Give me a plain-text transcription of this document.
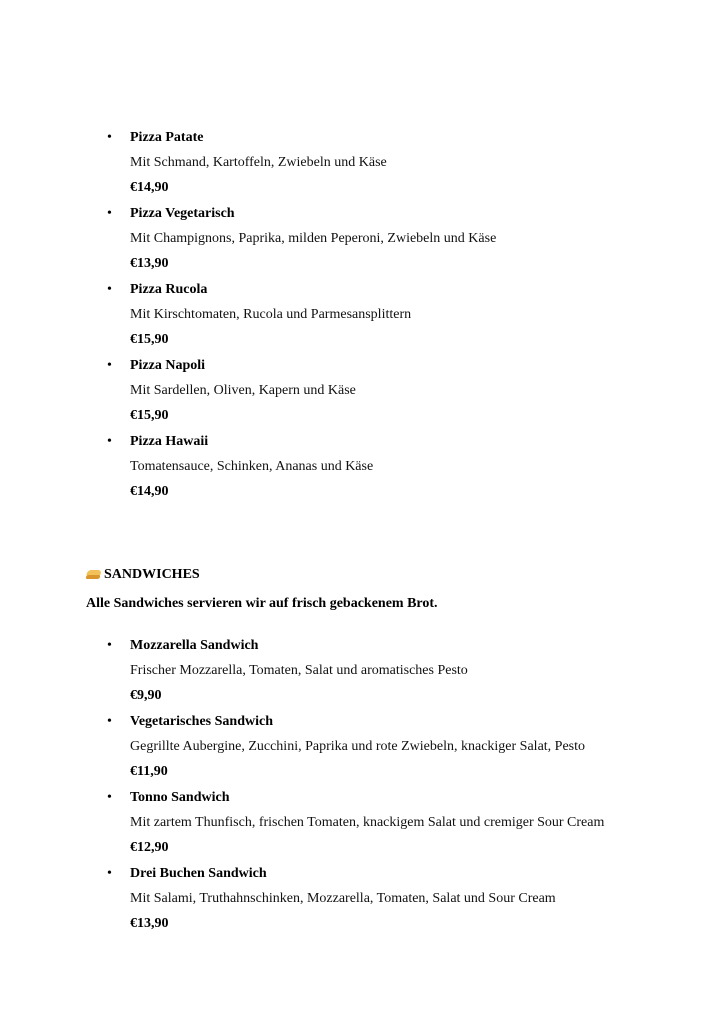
• Pizza Patate
Mit Schmand, Kartoffeln, Zwiebeln und Käse
€14,90
• Pizza Vegetarisch
Mit Champignons, Paprika, milden Peperoni, Zwiebeln und Käse
€13,90
• Pizza Rucola
Mit Kirschtomaten, Rucola und Parmesansplittern
€15,90
• Pizza Napoli
Mit Sardellen, Oliven, Kapern und Käse
€15,90
• Pizza Hawaii
Tomatensauce, Schinken, Ananas und Käse
€14,90
SANDWICHES
Alle Sandwiches servieren wir auf frisch gebackenem Brot.
• Mozzarella Sandwich
Frischer Mozzarella, Tomaten, Salat und aromatisches Pesto
€9,90
• Vegetarisches Sandwich
Gegrillte Aubergine, Zucchini, Paprika und rote Zwiebeln, knackiger Salat, Pesto
€11,90
• Tonno Sandwich
Mit zartem Thunfisch, frischen Tomaten, knackigem Salat und cremiger Sour Cream
€12,90
• Drei Buchen Sandwich
Mit Salami, Truthahnschinken, Mozzarella, Tomaten, Salat und Sour Cream
€13,90
